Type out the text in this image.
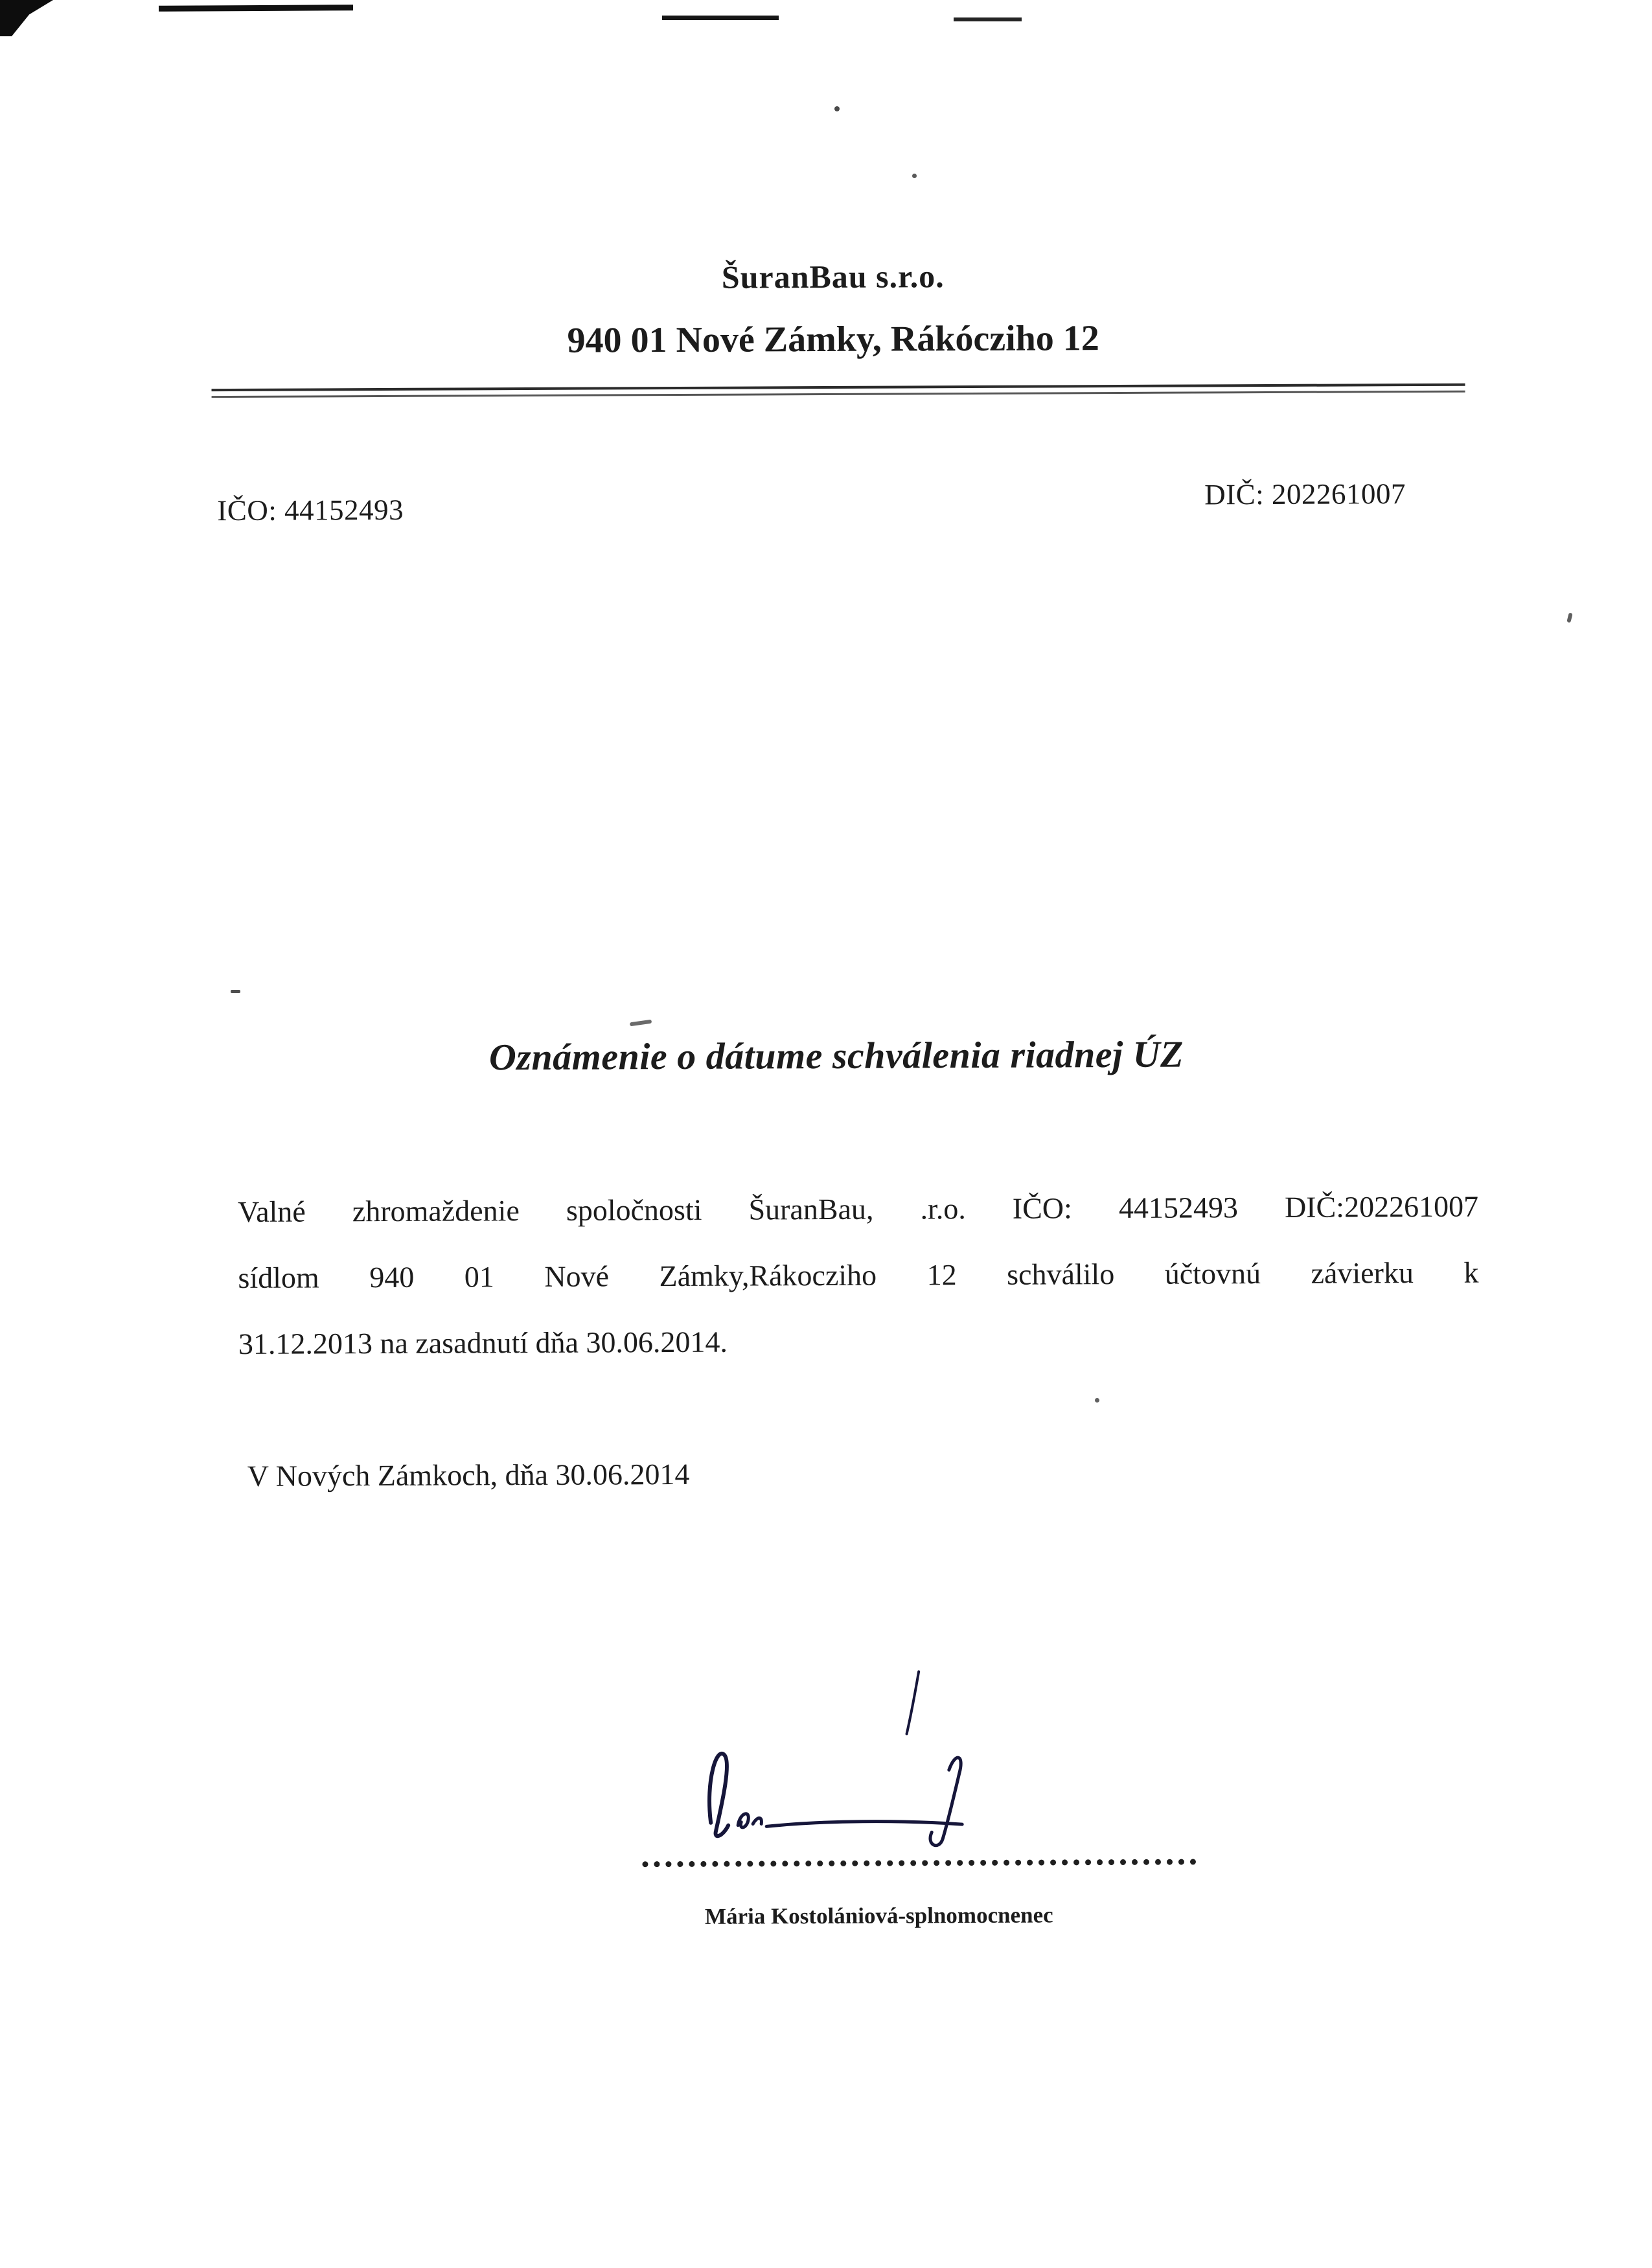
ŠuranBau s.r.o.
940 01 Nové Zámky, Rákócziho 12
IČO: 44152493	DIČ: 202261007
Oznámenie o dátume schválenia riadnej ÚZ
Valné zhromaždenie spoločnosti ŠuranBau, .r.o. IČO: 44152493 DIČ:202261007
sídlom 940 01 Nové Zámky,Rákocziho 12 schválilo účtovnú závierku k
31.12.2013 na zasadnutí dňa 30.06.2014.
V Nových Zámkoch, dňa 30.06.2014
Mária Kostolániová-splnomocnenec
